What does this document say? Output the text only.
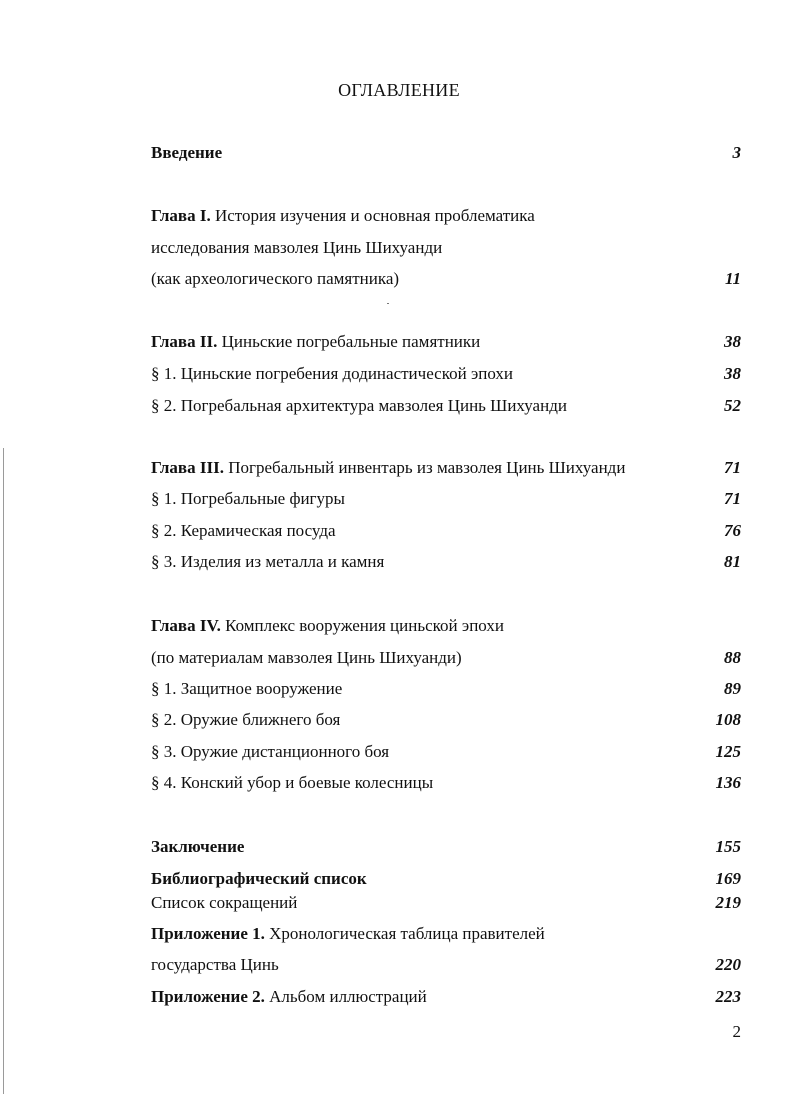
ОГЛАВЛЕНИЕ
Введение	3
Глава I. История изучения и основная проблематика
исследования мавзолея Цинь Шихуанди
(как археологического памятника)	11
Глава II. Циньские погребальные памятники	38
§ 1. Циньские погребения додинастической эпохи	38
§ 2. Погребальная архитектура мавзолея Цинь Шихуанди	52
Глава III. Погребальный инвентарь из мавзолея Цинь Шихуанди	71
§ 1. Погребальные фигуры	71
§ 2. Керамическая посуда	76
§ 3. Изделия из металла и камня	81
Глава IV. Комплекс вооружения циньской эпохи
(по материалам мавзолея Цинь Шихуанди)	88
§ 1. Защитное вооружение	89
§ 2. Оружие ближнего боя	108
§ 3. Оружие дистанционного боя	125
§ 4. Конский убор и боевые колесницы	136
Заключение	155
Библиографический список	169
Список сокращений	219
Приложение 1. Хронологическая таблица правителей
государства Цинь	220
Приложение 2. Альбом иллюстраций	223
2
